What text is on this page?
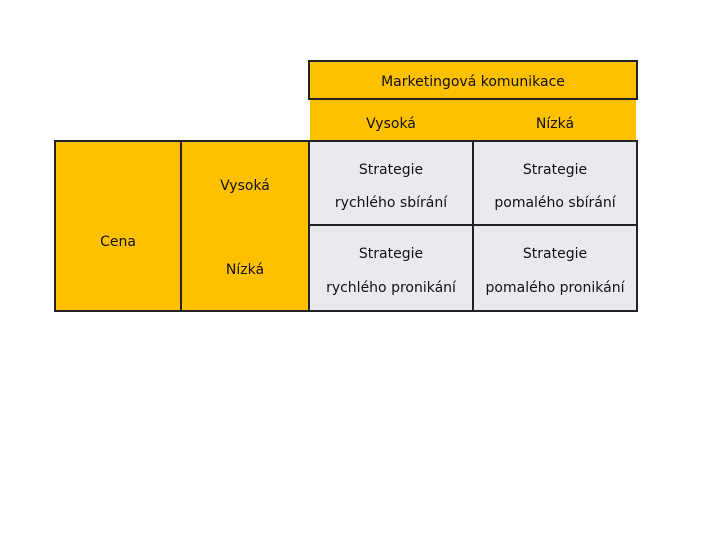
Marketingová komunikace
Vysoká	Nízká
Cena
Vysoká
Nízká
Strategie
rychlého sbírání
Strategie
pomalého sbírání
Strategie
rychlého pronikání
Strategie
pomalého pronikání
